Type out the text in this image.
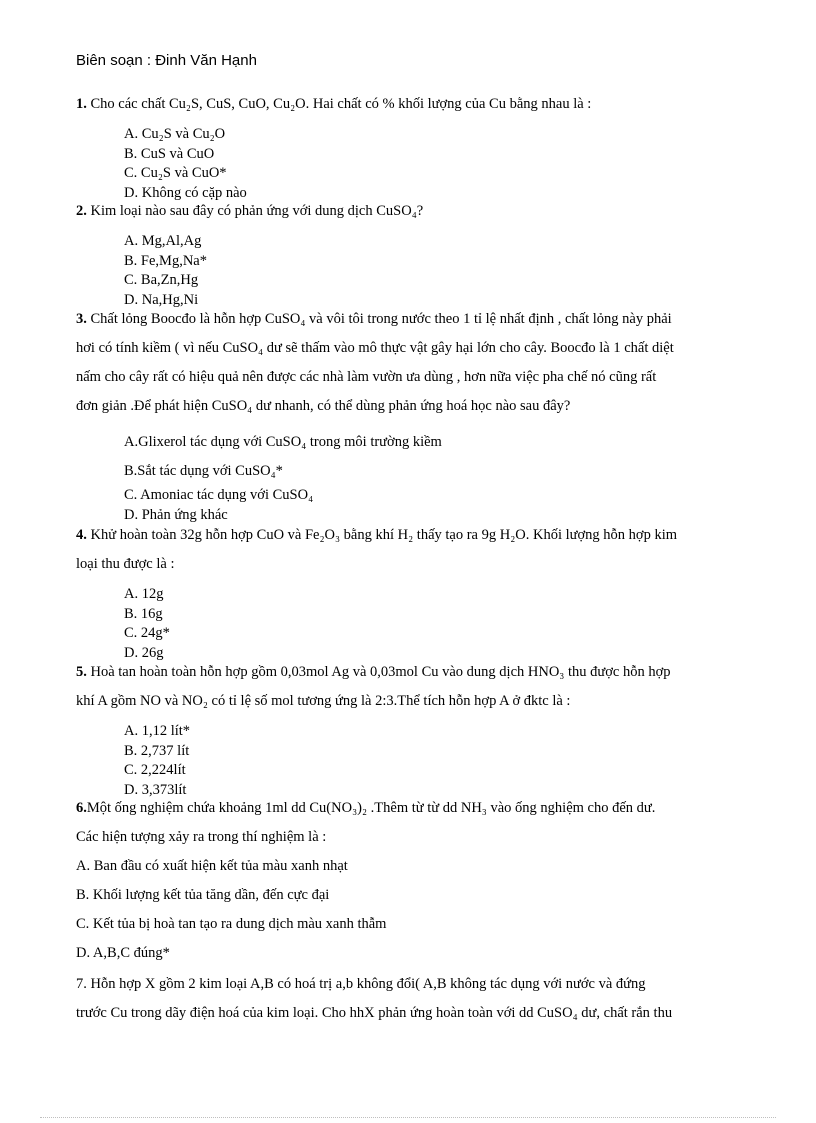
Biên soạn : Đinh Văn Hạnh
1. Cho các chất Cu₂S, CuS, CuO, Cu₂O. Hai chất có % khối lượng của Cu bằng nhau là :
A. Cu₂S và Cu₂O
B. CuS và CuO
C. Cu₂S và CuO*
D. Không có cặp nào
2. Kim loại nào sau đây có phản ứng với dung dịch CuSO₄?
A. Mg,Al,Ag
B. Fe,Mg,Na*
C. Ba,Zn,Hg
D. Na,Hg,Ni
3. Chất lỏng Boocđo là hỗn hợp CuSO₄ và vôi tôi trong nước theo 1 tỉ lệ nhất định , chất lỏng này phải
hơi có tính kiềm ( vì nếu CuSO₄ dư sẽ thấm vào mô thực vật gây hại lớn cho cây. Boocđo là 1 chất diệt
nấm cho cây rất có hiệu quả nên được các nhà làm vườn ưa dùng , hơn nữa việc pha chế nó cũng rất
đơn giản .Để phát hiện CuSO₄ dư nhanh, có thể dùng phản ứng hoá học nào sau đây?
A.Glixerol tác dụng với CuSO₄ trong môi trường kiềm
B.Sắt tác dụng với CuSO₄*
C. Amoniac tác dụng với CuSO₄
D. Phản ứng khác
4. Khử hoàn toàn 32g hỗn hợp CuO và Fe₂O₃ bằng khí H₂ thấy tạo ra 9g H₂O. Khối lượng hỗn hợp kim
loại thu được là :
A. 12g
B. 16g
C. 24g*
D. 26g
5. Hoà tan hoàn toàn hỗn hợp gồm 0,03mol Ag và 0,03mol Cu vào dung dịch HNO₃ thu được hỗn hợp
khí A gồm NO và NO₂ có tỉ lệ số mol tương ứng là 2:3.Thể tích hỗn hợp A ở đktc là :
A. 1,12 lít*
B. 2,737 lít
C. 2,224lít
D. 3,373lít
6.Một ống nghiệm chứa khoảng 1ml dd Cu(NO₃)₂ .Thêm từ từ dd NH₃ vào ống nghiệm cho đến dư.
Các hiện tượng xảy ra trong thí nghiệm là :
A. Ban đầu có xuất hiện kết tủa màu xanh nhạt
B. Khối lượng kết tủa tăng dần, đến cực đại
C. Kết tủa bị hoà tan tạo ra dung dịch màu xanh thẫm
D. A,B,C đúng*
7. Hỗn hợp X gồm 2 kim loại A,B có hoá trị a,b không đổi( A,B không tác dụng với nước và đứng
trước Cu trong dãy điện hoá của kim loại. Cho hhX phản ứng hoàn toàn với dd CuSO₄ dư, chất rắn thu
